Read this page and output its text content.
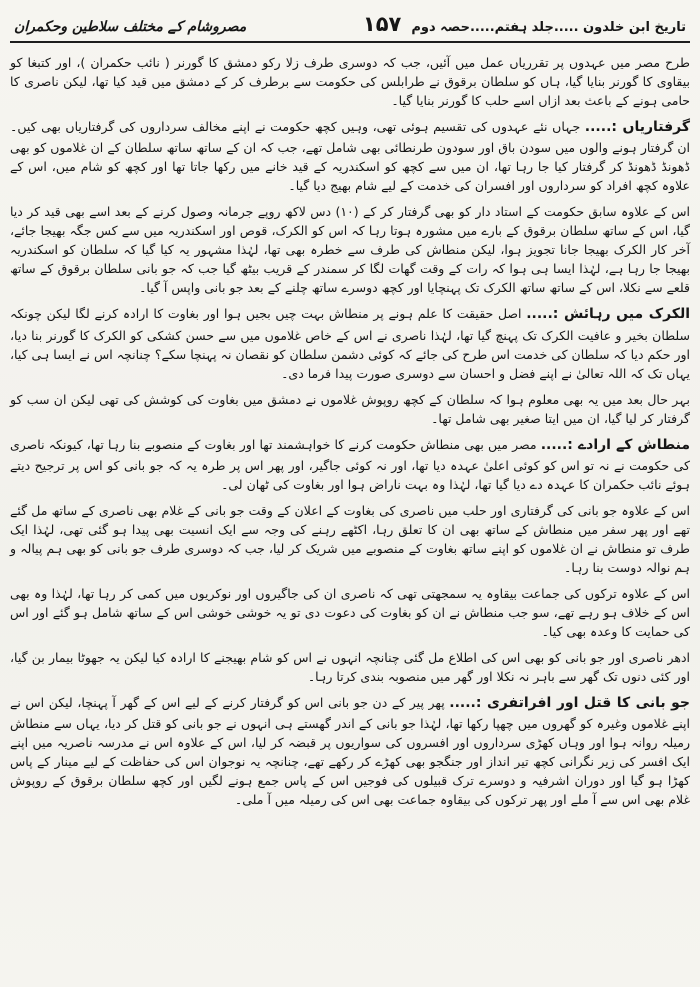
تاریخ ابن خلدون .....جلد ہفتم.....حصہ دوم
۱۵۷
مصروشام کے مختلف سلاطین وحکمران

طرح مصر میں عہدوں پر تقرریاں عمل میں آئیں، جب کہ دوسری طرف زلا رکو دمشق کا گورنر ( نائب حکمران )، اور کتبغا کو بیقاوی کا گورنر بنایا گیا، ہاں کو سلطان برقوق نے طرابلس کی حکومت سے برطرف کر کے دمشق میں قید کیا تھا، لیکن ناصری کا حامی ہونے کے باعث بعد ازاں اسے حلب کا گورنر بنایا گیا۔

گرفتاریاں :..... جہاں نئے عہدوں کی تقسیم ہوئی تھی، وہیں کچھ حکومت نے اپنے مخالف سرداروں کی گرفتاریاں بھی کیں۔ ان گرفتار ہونے والوں میں سودن باق اور سودون طرنطائی بھی شامل تھے، جب کہ ان کے ساتھ ساتھ سلطان کے ان غلاموں کو بھی ڈھونڈ ڈھونڈ کر گرفتار کیا جا رہا تھا، ان میں سے کچھ کو اسکندریہ کے قید خانے میں رکھا جاتا تھا اور کچھ کو شام میں، اس کے علاوہ کچھ افراد کو سرداروں اور افسران کی خدمت کے لیے شام بھیج دیا گیا۔

اس کے علاوہ سابق حکومت کے استاد دار کو بھی گرفتار کر کے (۱۰) دس لاکھ روپے جرمانہ وصول کرنے کے بعد اسے بھی قید کر دیا گیا، اس کے ساتھ سلطان برقوق کے بارے میں مشورہ ہوتا رہا کہ اس کو الکرک، قوص اور اسکندریہ میں سے کس جگہ بھیجا جائے، آخر کار الکرک بھیجا جانا تجویز ہوا، لیکن منطاش کی طرف سے خطرہ بھی تھا، لہٰذا مشہور یہ کیا گیا کہ سلطان کو اسکندریہ بھیجا جا رہا ہے، لہٰذا ایسا ہی ہوا کہ رات کے وقت گھات لگا کر سمندر کے قریب بیٹھ گیا جب کہ جو بانی سلطان برقوق کے ساتھ قلعے سے نکلا، اس کے ساتھ ساتھ الکرک تک پہنچایا اور کچھ دوسرے ساتھ چلنے کے بعد جو بانی واپس آ گیا۔

الکرک میں رہائش :..... اصل حقیقت کا علم ہونے پر منطاش بہت چیں بجیں ہوا اور بغاوت کا ارادہ کرنے لگا لیکن چونکہ سلطان بخیر و عافیت الکرک تک پہنچ گیا تھا، لہٰذا ناصری نے اس کے خاص غلاموں میں سے حسن کشکی کو الکرک کا گورنر بنا دیا، اور حکم دیا کہ سلطان کی خدمت اس طرح کی جائے کہ کوئی دشمن سلطان کو نقصان نہ پہنچا سکے؟ چنانچہ اس نے ایسا ہی کیا، یہاں تک کہ اللہ تعالیٰ نے اپنے فضل و احسان سے دوسری صورت پیدا فرما دی۔

بہر حال بعد میں یہ بھی معلوم ہوا کہ سلطان کے کچھ روپوش غلاموں نے دمشق میں بغاوت کی کوشش کی تھی لیکن ان سب کو گرفتار کر لیا گیا، ان میں ایتا صغیر بھی شامل تھا۔

منطاش کے ارادے :..... مصر میں بھی منطاش حکومت کرنے کا خواہشمند تھا اور بغاوت کے منصوبے بنا رہا تھا، کیونکہ ناصری کی حکومت نے نہ تو اس کو کوئی اعلیٰ عہدہ دیا تھا، اور نہ کوئی جاگیر، اور پھر اس پر طرہ یہ کہ جو بانی کو اس پر ترجیح دیتے ہوئے نائب حکمران کا عہدہ دے دیا گیا تھا، لہٰذا وہ بہت ناراض ہوا اور بغاوت کی ٹھان لی۔

اس کے علاوہ جو بانی کی گرفتاری اور حلب میں ناصری کی بغاوت کے اعلان کے وقت جو بانی کے غلام بھی ناصری کے ساتھ مل گئے تھے اور پھر سفر میں منطاش کے ساتھ بھی ان کا تعلق رہا، اکٹھے رہنے کی وجہ سے ایک انسیت بھی پیدا ہو گئی تھی، لہٰذا ایک طرف تو منطاش نے ان غلاموں کو اپنے ساتھ بغاوت کے منصوبے میں شریک کر لیا، جب کہ دوسری طرف جو بانی کو بھی ہم پیالہ و ہم نوالہ دوست بنا رہا۔

اس کے علاوہ ترکوں کی جماعت بیقاوہ یہ سمجھتی تھی کہ ناصری ان کی جاگیروں اور نوکریوں میں کمی کر رہا تھا، لہٰذا وہ بھی اس کے خلاف ہو رہے تھے، سو جب منطاش نے ان کو بغاوت کی دعوت دی تو یہ خوشی خوشی اس کے ساتھ شامل ہو گئے اور اس کی حمایت کا وعدہ بھی کیا۔

ادھر ناصری اور جو بانی کو بھی اس کی اطلاع مل گئی چنانچہ انہوں نے اس کو شام بھیجنے کا ارادہ کیا لیکن یہ جھوٹا بیمار بن گیا، اور کئی دنوں تک گھر سے باہر نہ نکلا اور گھر میں منصوبہ بندی کرتا رہا۔

جو بانی کا قتل اور افراتفری :..... پھر پیر کے دن جو بانی اس کو گرفتار کرنے کے لیے اس کے گھر آ پہنچا، لیکن اس نے اپنے غلاموں وغیرہ کو گھروں میں چھپا رکھا تھا، لہٰذا جو بانی کے اندر گھستے ہی انہوں نے جو بانی کو قتل کر دیا، یہاں سے منطاش رمیلہ روانہ ہوا اور وہاں کھڑی سرداروں اور افسروں کی سواریوں پر قبضہ کر لیا، اس کے علاوہ اس نے مدرسہ ناصریہ میں اپنے ایک افسر کی زیر نگرانی کچھ تیر انداز اور جنگجو بھی کھڑے کر رکھے تھے، چنانچہ یہ نوجوان اس کی حفاظت کے لیے مینار کے پاس کھڑا ہو گیا اور دوران اشرفیہ و دوسرے ترک قبیلوں کی فوجیں اس کے پاس جمع ہونے لگیں اور کچھ سلطان برقوق کے روپوش غلام بھی اس سے آ ملے اور پھر ترکوں کی بیقاوہ جماعت بھی اس کی رمیلہ میں آ ملی۔
